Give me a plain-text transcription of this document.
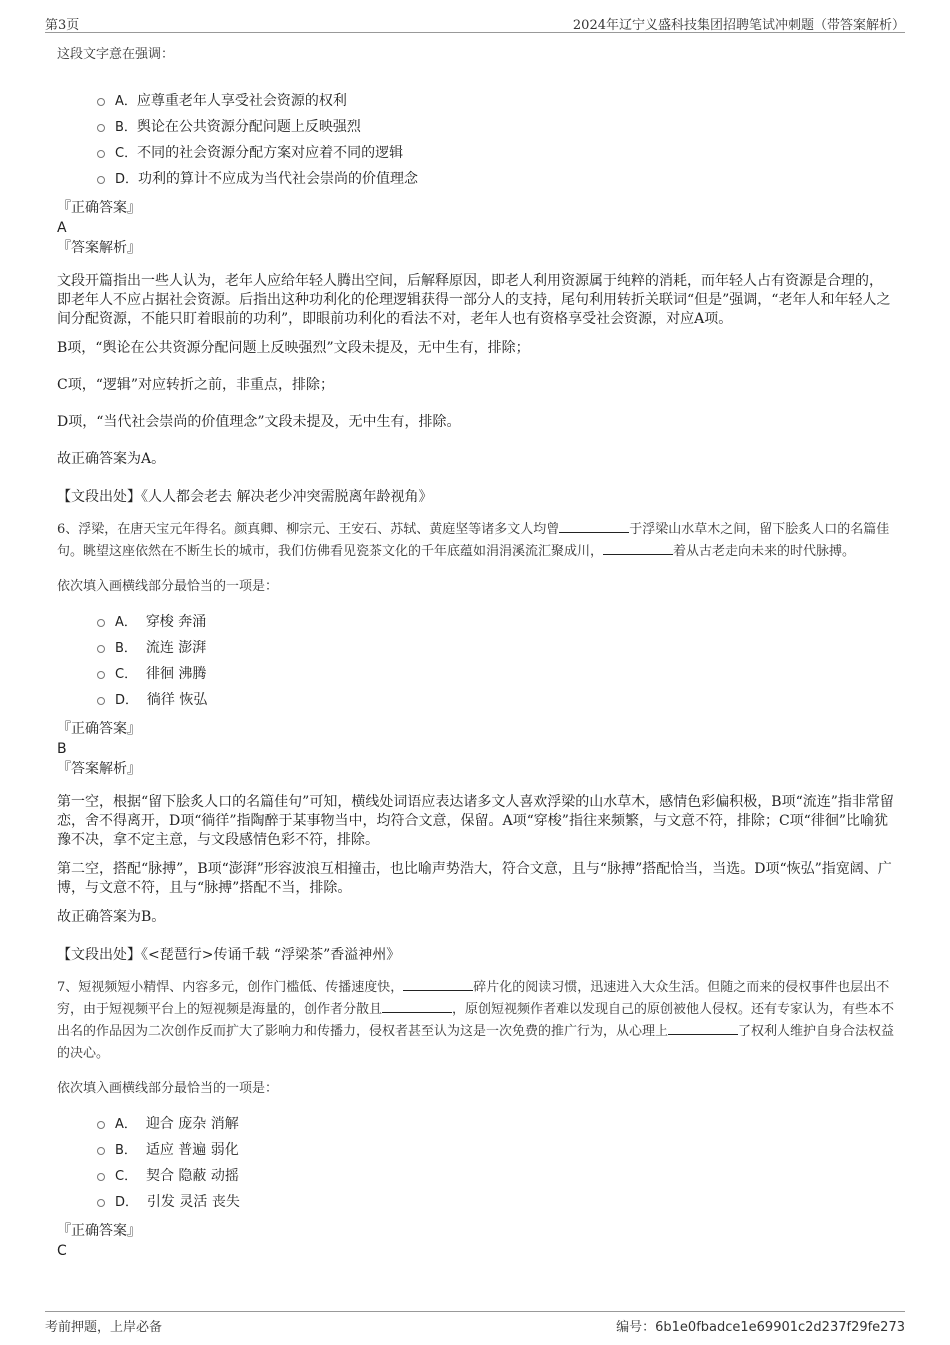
第3页	2024年辽宁义盛科技集团招聘笔试冲刺题（带答案解析）

这段文字意在强调：

A．应尊重老年人享受社会资源的权利
B．舆论在公共资源分配问题上反映强烈
C．不同的社会资源分配方案对应着不同的逻辑
D．功利的算计不应成为当代社会崇尚的价值理念

『正确答案』

A

『答案解析』

文段开篇指出一些人认为，老年人应给年轻人腾出空间，后解释原因，即老人利用资源属于纯粹的消耗，而年轻人占有资源是合理的，即老年人不应占据社会资源。后指出这种功利化的伦理逻辑获得一部分人的支持，尾句利用转折关联词“但是”强调，“老年人和年轻人之间分配资源，不能只盯着眼前的功利”，即眼前功利化的看法不对，老年人也有资格享受社会资源，对应A项。

B项，“舆论在公共资源分配问题上反映强烈”文段未提及，无中生有，排除；

C项，“逻辑”对应转折之前，非重点，排除；

D项，“当代社会崇尚的价值理念”文段未提及，无中生有，排除。

故正确答案为A。

【文段出处】《人人都会老去 解决老少冲突需脱离年龄视角》

6、浮梁，在唐天宝元年得名。颜真卿、柳宗元、王安石、苏轼、黄庭坚等诸多文人均曾	于浮梁山水草木之间，留下脍炙人口的名篇佳句。眺望这座依然在不断生长的城市，我们仿佛看见瓷茶文化的千年底蕴如涓涓溪流汇聚成川，	着从古老走向未来的时代脉搏。

依次填入画横线部分最恰当的一项是：

A． 穿梭 奔涌
B． 流连 澎湃
C． 徘徊 沸腾
D． 徜徉 恢弘

『正确答案』

B

『答案解析』

第一空，根据“留下脍炙人口的名篇佳句”可知，横线处词语应表达诸多文人喜欢浮梁的山水草木，感情色彩偏积极，B项“流连”指非常留恋，舍不得离开，D项“徜徉”指陶醉于某事物当中，均符合文意，保留。A项“穿梭”指往来频繁，与文意不符，排除；C项“徘徊”比喻犹豫不决，拿不定主意，与文段感情色彩不符，排除。

第二空，搭配“脉搏”，B项“澎湃”形容波浪互相撞击，也比喻声势浩大，符合文意，且与“脉搏”搭配恰当，当选。D项“恢弘”指宽阔、广博，与文意不符，且与“脉搏”搭配不当，排除。

故正确答案为B。

【文段出处】《<琵琶行>传诵千载 “浮梁茶”香溢神州》

7、短视频短小精悍、内容多元，创作门槛低、传播速度快，	碎片化的阅读习惯，迅速进入大众生活。但随之而来的侵权事件也层出不穷，由于短视频平台上的短视频是海量的，创作者分散且	，原创短视频作者难以发现自己的原创被他人侵权。还有专家认为，有些本不出名的作品因为二次创作反而扩大了影响力和传播力，侵权者甚至认为这是一次免费的推广行为，从心理上	了权利人维护自身合法权益的决心。

依次填入画横线部分最恰当的一项是：

A． 迎合 庞杂 消解
B． 适应 普遍 弱化
C． 契合 隐蔽 动摇
D． 引发 灵活 丧失

『正确答案』

C

考前押题，上岸必备	编号：6b1e0fbadce1e69901c2d237f29fe273
